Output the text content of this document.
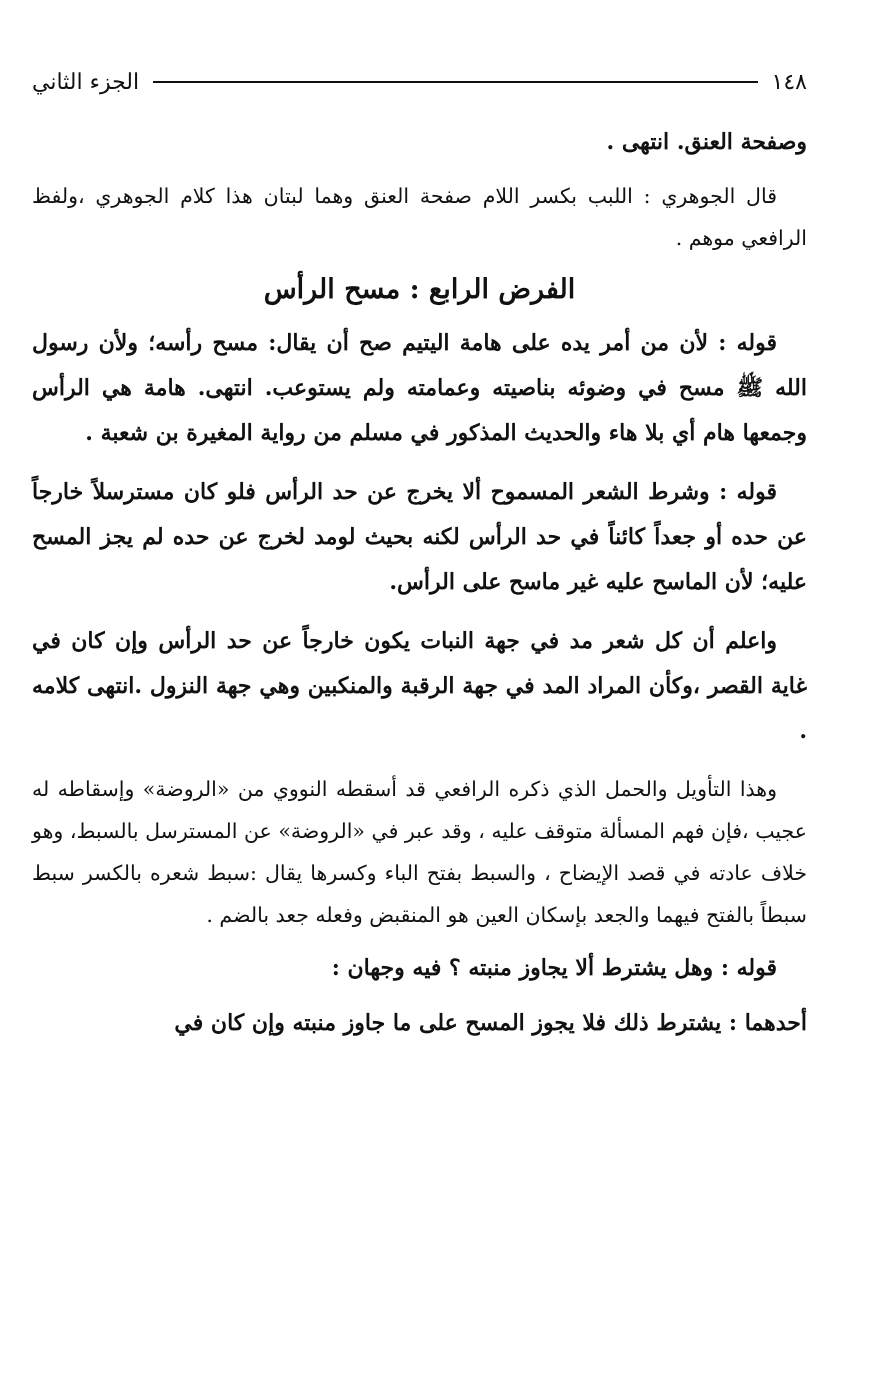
١٤٨
الجزء الثاني

وصفحة العنق. انتهى .

قال الجوهري : اللبب بكسر اللام صفحة العنق وهما لبتان هذا كلام الجوهري ،ولفظ الرافعي موهم .

الفرض الرابع : مسح الرأس

قوله : لأن من أمر يده على هامة اليتيم صح أن يقال: مسح رأسه؛ ولأن رسول الله ﷺ مسح في وضوئه بناصيته وعمامته ولم يستوعب. انتهى. هامة هي الرأس وجمعها هام أي بلا هاء والحديث المذكور في مسلم من رواية المغيرة بن شعبة .

قوله : وشرط الشعر المسموح ألا يخرج عن حد الرأس فلو كان مسترسلاً خارجاً عن حده أو جعداً كائناً في حد الرأس لكنه بحيث لومد لخرج عن حده لم يجز المسح عليه؛ لأن الماسح عليه غير ماسح على الرأس.

واعلم أن كل شعر مد في جهة النبات يكون خارجاً عن حد الرأس وإن كان في غاية القصر ،وكأن المراد المد في جهة الرقبة والمنكبين وهي جهة النزول .انتهى كلامه .

وهذا التأويل والحمل الذي ذكره الرافعي قد أسقطه النووي من «الروضة» وإسقاطه له عجيب ،فإن فهم المسألة متوقف عليه ، وقد عبر في «الروضة» عن المسترسل بالسبط، وهو خلاف عادته في قصد الإيضاح ، والسبط بفتح الباء وكسرها يقال :سبط شعره بالكسر سبط سبطاً بالفتح فيهما والجعد بإسكان العين هو المنقبض وفعله جعد بالضم .

قوله : وهل يشترط ألا يجاوز منبته ؟ فيه وجهان :

أحدهما : يشترط ذلك فلا يجوز المسح على ما جاوز منبته وإن كان في
